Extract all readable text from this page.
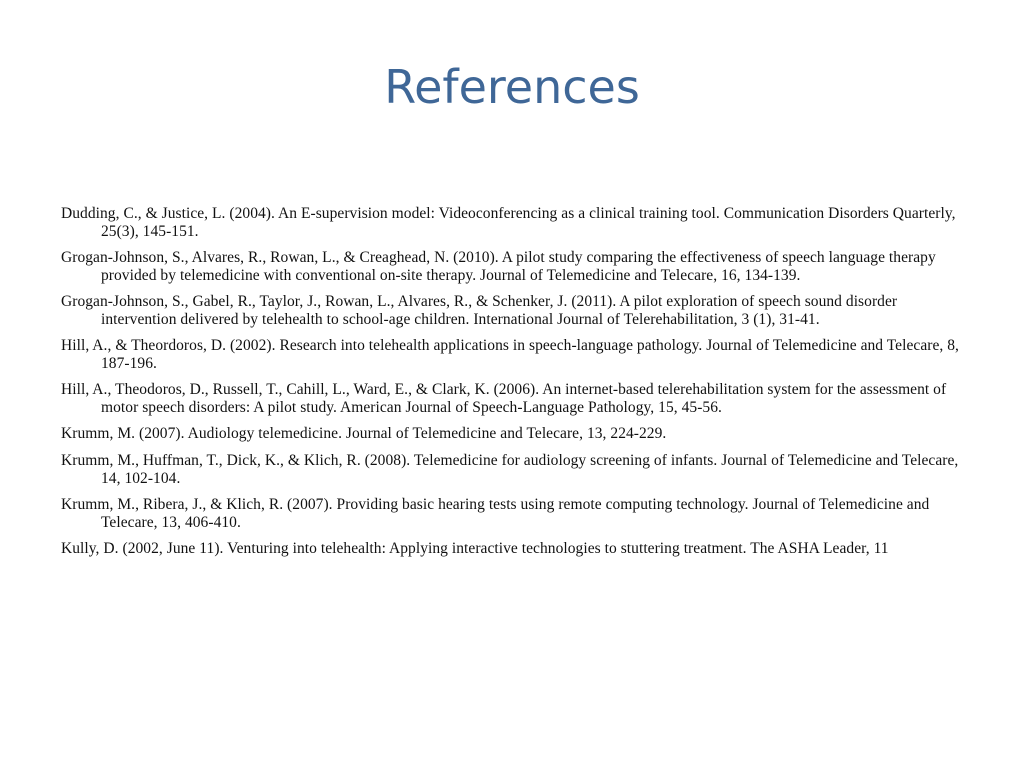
References

Dudding, C., & Justice, L. (2004). An E-supervision model: Videoconferencing as a clinical training tool. Communication Disorders Quarterly, 25(3), 145-151.

Grogan-Johnson, S., Alvares, R., Rowan, L., & Creaghead, N. (2010). A pilot study comparing the effectiveness of speech language therapy provided by telemedicine with conventional on-site therapy. Journal of Telemedicine and Telecare, 16, 134-139.

Grogan-Johnson, S., Gabel, R., Taylor, J., Rowan, L., Alvares, R., & Schenker, J. (2011). A pilot exploration of speech sound disorder intervention delivered by telehealth to school-age children. International Journal of Telerehabilitation, 3 (1), 31-41.

Hill, A., & Theordoros, D. (2002). Research into telehealth applications in speech-language pathology. Journal of Telemedicine and Telecare, 8, 187-196.

Hill, A., Theodoros, D., Russell, T., Cahill, L., Ward, E., & Clark, K. (2006). An internet-based telerehabilitation system for the assessment of motor speech disorders: A pilot study. American Journal of Speech-Language Pathology, 15, 45-56.

Krumm, M. (2007). Audiology telemedicine. Journal of Telemedicine and Telecare, 13, 224-229.

Krumm, M., Huffman, T., Dick, K., & Klich, R. (2008). Telemedicine for audiology screening of infants. Journal of Telemedicine and Telecare, 14, 102-104.

Krumm, M., Ribera, J., & Klich, R. (2007). Providing basic hearing tests using remote computing technology. Journal of Telemedicine and Telecare, 13, 406-410.

Kully, D. (2002, June 11). Venturing into telehealth: Applying interactive technologies to stuttering treatment. The ASHA Leader, 11
